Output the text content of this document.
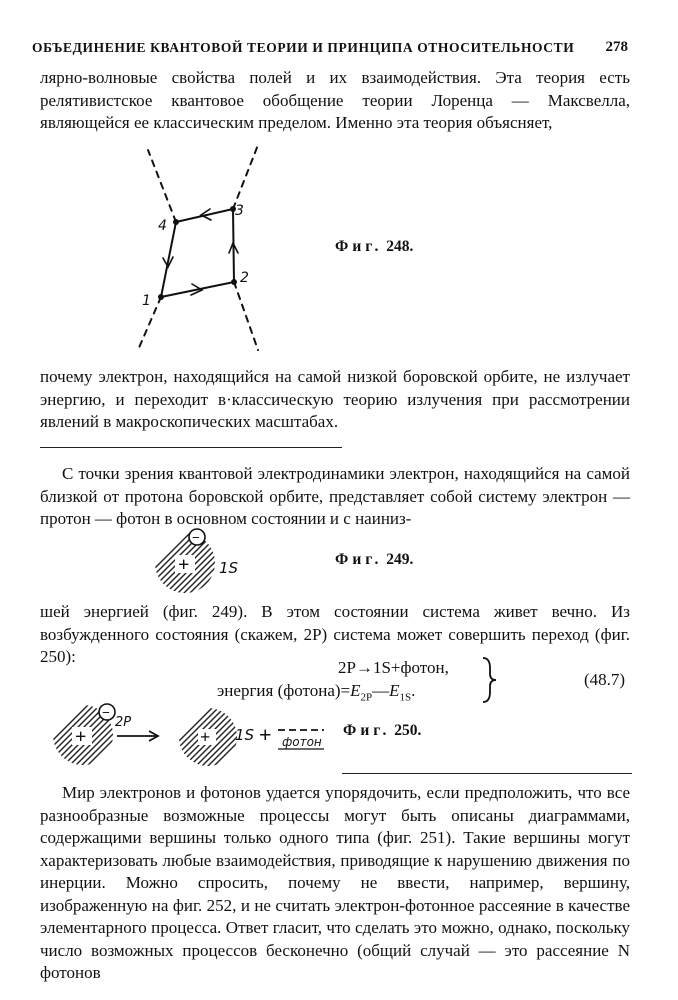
ОБЪЕДИНЕНИЕ КВАНТОВОЙ ТЕОРИИ И ПРИНЦИПА ОТНОСИТЕЛЬНОСТИ 278

лярно-волновые свойства полей и их взаимодействия. Эта теория есть релятивистское квантовое обобщение теории Лоренца — Максвелла, являющейся ее классическим пределом. Именно эта теория объясняет,

1
2
3
4
Фиг. 248.

почему электрон, находящийся на самой низкой боровской орбите, не излучает энергию, и переходит в·классическую теорию излучения при рассмотрении явлений в макроскопических масштабах.

С точки зрения квантовой электродинамики электрон, находящийся на самой близкой от протона боровской орбите, представляет собой систему электрон — протон — фотон в основном состоянии и с наиниз-

+
−
1S	Фиг. 249.

шей энергией (фиг. 249). В этом состоянии система живет вечно. Из возбужденного состояния (скажем, 2P) система может совершить переход (фиг. 250):

2P→1S+фотон,
энергия $(фотона)=E_{2P}—E_{1S}$.
(48.7)
+
−
2P
+ 1S + фотон
Фиг. 250.

Мир электронов и фотонов удается упорядочить, если предположить, что все разнообразные возможные процессы могут быть описаны диаграммами, содержащими вершины только одного типа (фиг. 251). Такие вершины могут характеризовать любые взаимодействия, приводящие к нарушению движения по инерции. Можно спросить, почему не ввести, например, вершину, изображенную на фиг. 252, и не считать электрон-фотонное рассеяние в качестве элементарного процесса. Ответ гласит, что сделать это можно, однако, поскольку число возможных процессов бесконечно (общий случай — это рассеяние N фотонов
